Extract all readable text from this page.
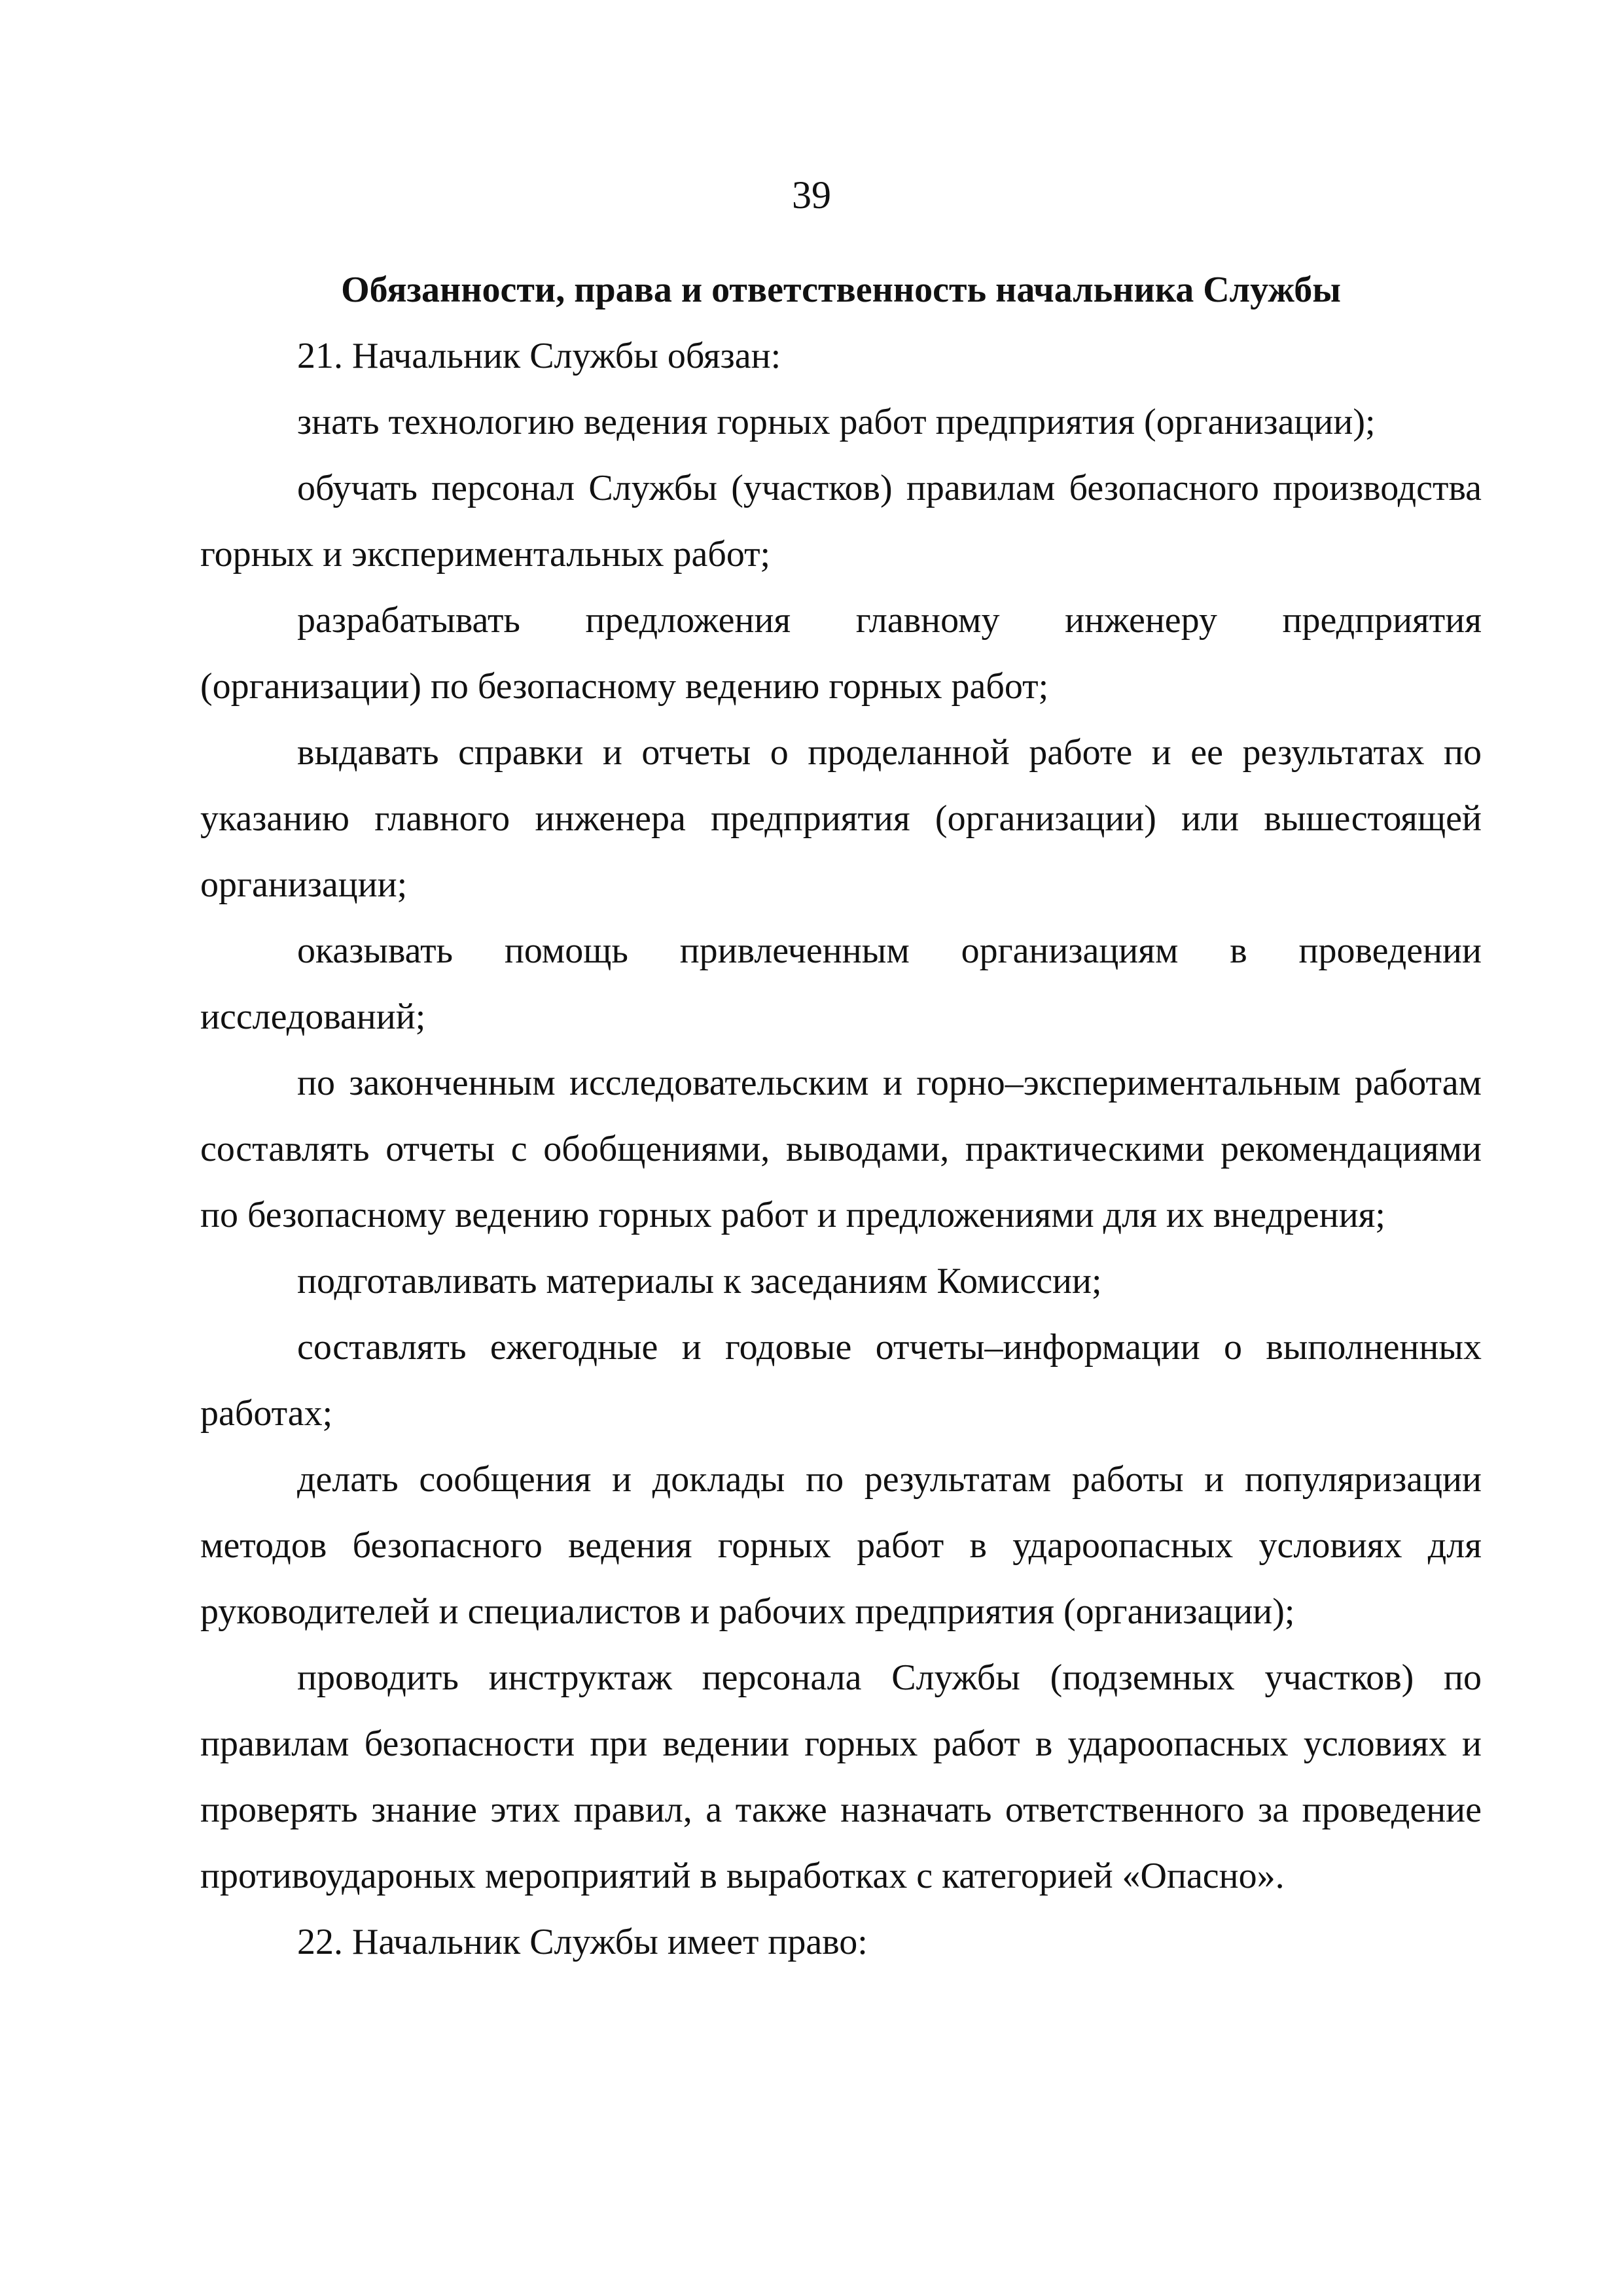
39

Обязанности, права и ответственность начальника Службы

21. Начальник Службы обязан:

знать технологию ведения горных работ предприятия (организации);

обучать персонал Службы (участков) правилам безопасного производства горных и экспериментальных работ;

разрабатывать предложения главному инженеру предприятия (организации) по безопасному ведению горных работ;

выдавать справки и отчеты о проделанной работе и ее результатах по указанию главного инженера предприятия (организации) или вышестоящей организации;

оказывать помощь привлеченным организациям в проведении исследований;

по законченным исследовательским и горно–экспериментальным работам составлять отчеты с обобщениями, выводами, практическими рекомендациями по безопасному ведению горных работ и предложениями для их внедрения;

подготавливать материалы к заседаниям Комиссии;

составлять ежегодные и годовые отчеты–информации о выполненных работах;

делать сообщения и доклады по результатам работы и популяризации методов безопасного ведения горных работ в удароопасных условиях для руководителей и специалистов и рабочих предприятия (организации);

проводить инструктаж персонала Службы (подземных участков) по правилам безопасности при ведении горных работ в удароопасных условиях и проверять знание этих правил, а также назначать ответственного за проведение противоудароных мероприятий в выработках с категорией «Опасно».

22. Начальник Службы имеет право:
